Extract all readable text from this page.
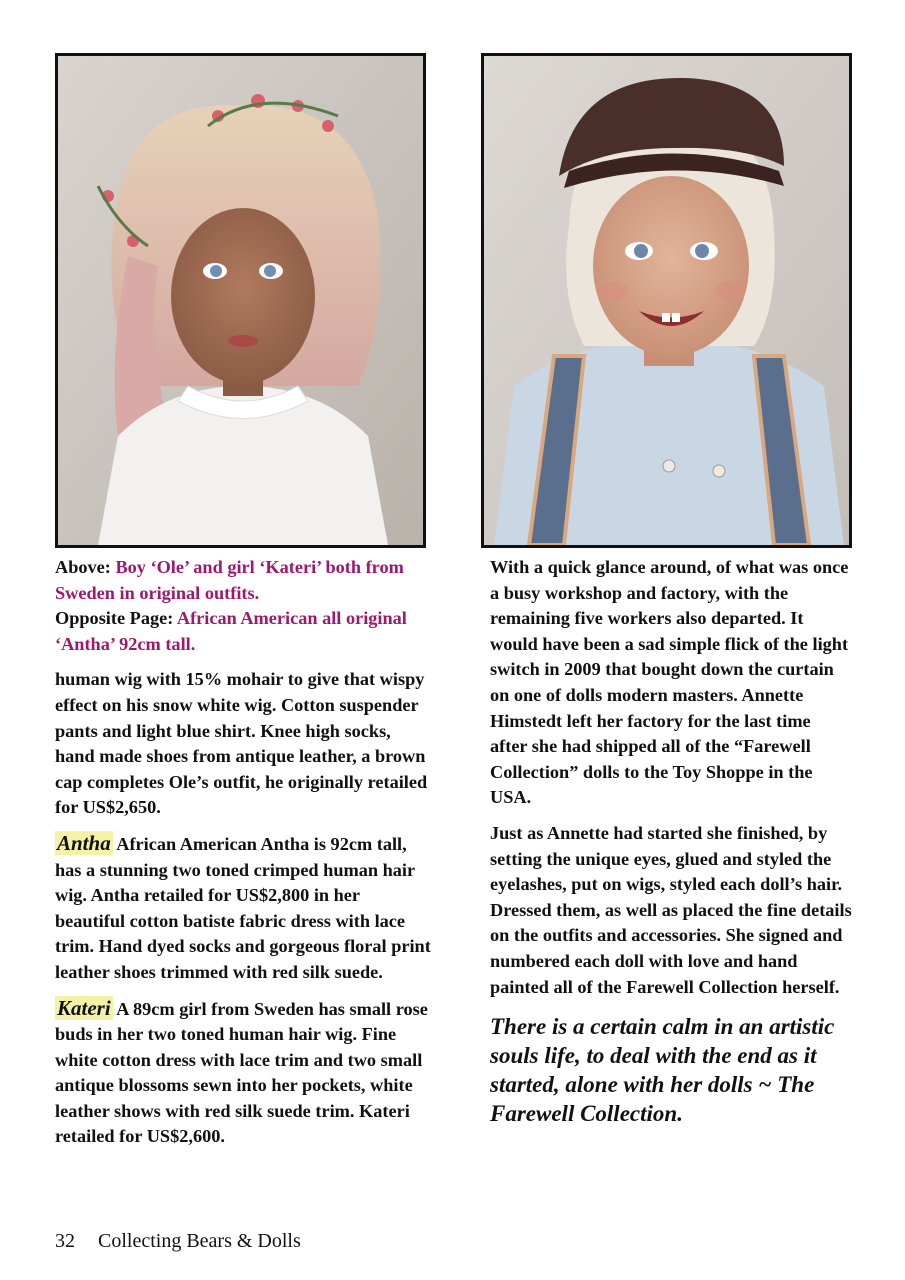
Above: Boy ‘Ole’ and girl ‘Kateri’ both from Sweden in original outfits.
Opposite Page: African American all original ‘Antha’ 92cm tall.

human wig with 15% mohair to give that wispy effect on his snow white wig. Cotton suspender pants and light blue shirt. Knee high socks, hand made shoes from antique leather, a brown cap completes Ole’s outfit, he originally retailed for US$2,650.

Antha African American Antha is 92cm tall, has a stunning two toned crimped human hair wig. Antha retailed for US$2,800 in her beautiful cotton batiste fabric dress with lace trim. Hand dyed socks and gorgeous floral print leather shoes trimmed with red silk suede.

Kateri A 89cm girl from Sweden has small rose buds in her two toned human hair wig. Fine white cotton dress with lace trim and two small antique blossoms sewn into her pockets, white leather shows with red silk suede trim. Kateri retailed for US$2,600.

With a quick glance around, of what was once a busy workshop and factory, with the remaining five workers also departed. It would have been a sad simple flick of the light switch in 2009 that bought down the curtain on one of dolls modern masters. Annette Himstedt left her factory for the last time after she had shipped all of the “Farewell Collection” dolls to the Toy Shoppe in the USA.

Just as Annette had started she finished, by setting the unique eyes, glued and styled the eyelashes, put on wigs, styled each doll’s hair. Dressed them, as well as placed the fine details on the outfits and accessories. She signed and numbered each doll with love and hand painted all of the Farewell Collection herself.

There is a certain calm in an artistic souls life, to deal with the end as it started, alone with her dolls ~ The Farewell Collection.

32 Collecting Bears & Dolls
